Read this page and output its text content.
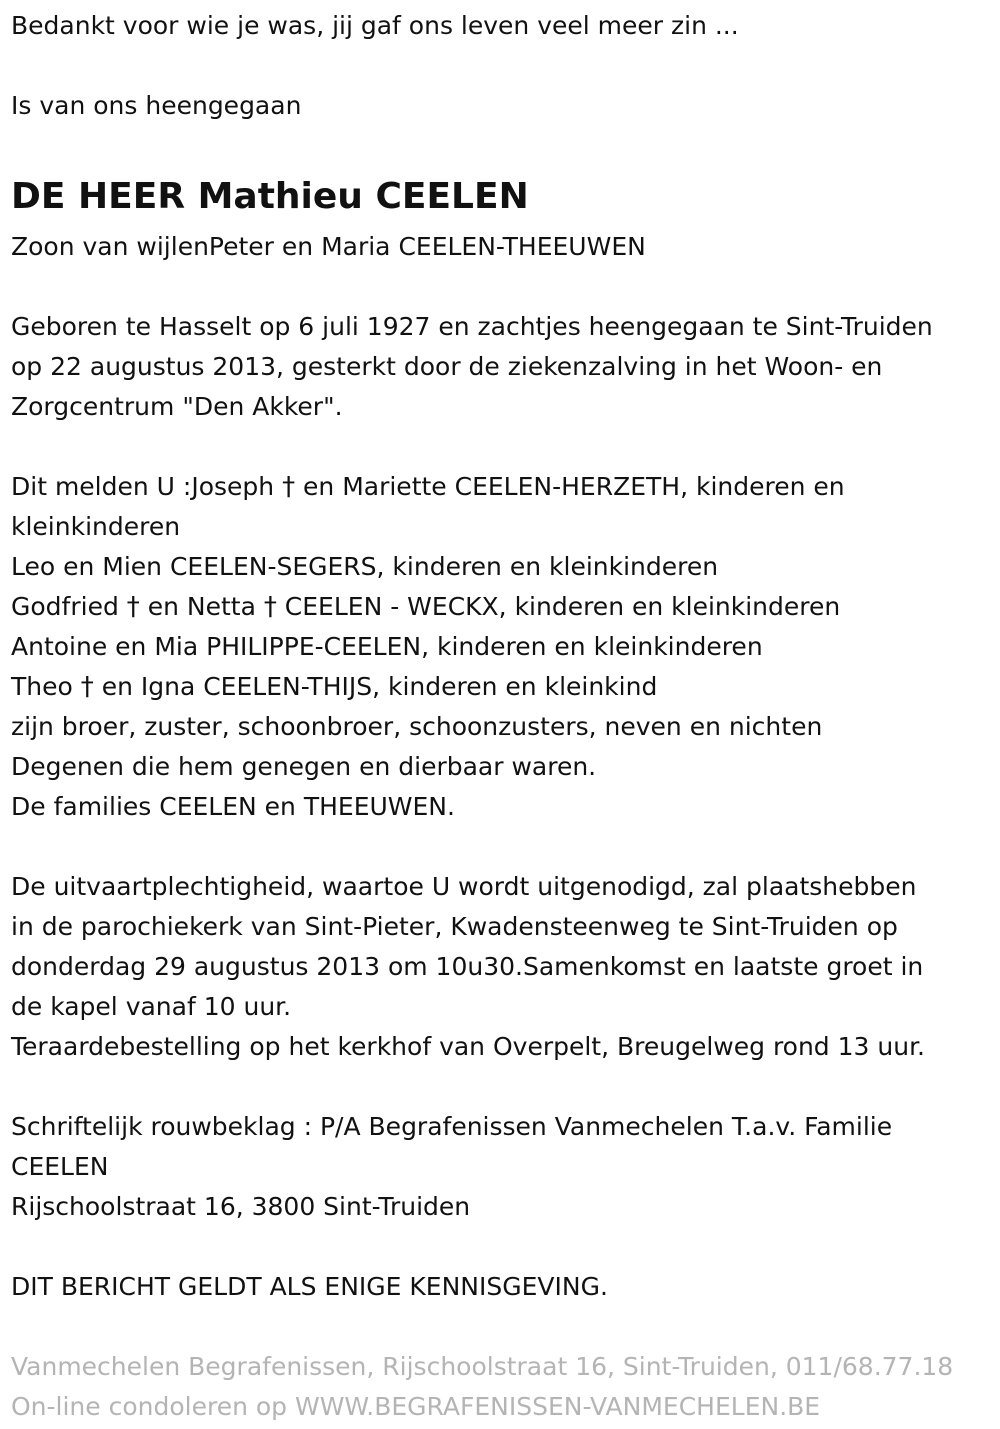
Bedankt voor wie je was, jij gaf ons leven veel meer zin ...
Is van ons heengegaan
DE HEER Mathieu CEELEN
Zoon van wijlenPeter en Maria CEELEN-THEEUWEN
Geboren te Hasselt op 6 juli 1927 en zachtjes heengegaan te Sint-Truiden
op 22 augustus 2013, gesterkt door de ziekenzalving in het Woon- en
Zorgcentrum "Den Akker".
Dit melden U :Joseph † en Mariette CEELEN-HERZETH, kinderen en
kleinkinderen
Leo en Mien CEELEN-SEGERS, kinderen en kleinkinderen
Godfried † en Netta † CEELEN - WECKX, kinderen en kleinkinderen
Antoine en Mia PHILIPPE-CEELEN, kinderen en kleinkinderen
Theo † en Igna CEELEN-THIJS, kinderen en kleinkind
zijn broer, zuster, schoonbroer, schoonzusters, neven en nichten
Degenen die hem genegen en dierbaar waren.
De families CEELEN en THEEUWEN.
De uitvaartplechtigheid, waartoe U wordt uitgenodigd, zal plaatshebben
in de parochiekerk van Sint-Pieter, Kwadensteenweg te Sint-Truiden op
donderdag 29 augustus 2013 om 10u30.Samenkomst en laatste groet in
de kapel vanaf 10 uur.
Teraardebestelling op het kerkhof van Overpelt, Breugelweg rond 13 uur.
Schriftelijk rouwbeklag : P/A Begrafenissen Vanmechelen T.a.v. Familie
CEELEN
Rijschoolstraat 16, 3800 Sint-Truiden
DIT BERICHT GELDT ALS ENIGE KENNISGEVING.
Vanmechelen Begrafenissen, Rijschoolstraat 16, Sint-Truiden, 011/68.77.18
On-line condoleren op WWW.BEGRAFENISSEN-VANMECHELEN.BE
